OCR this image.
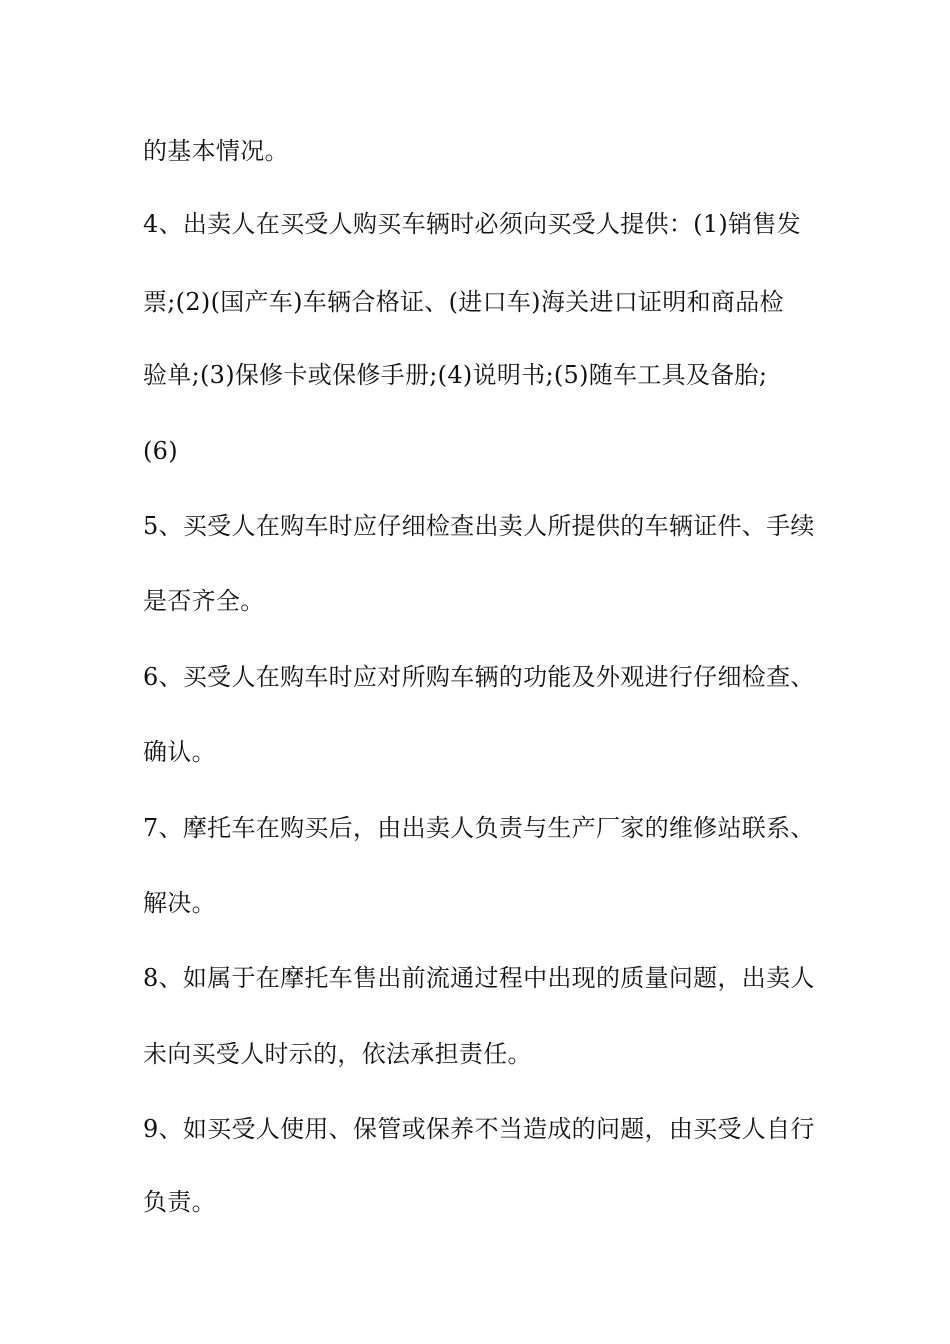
的基本情况。

4、出卖人在买受人购买车辆时必须向买受人提供：(1)销售发

票;(2)(国产车)车辆合格证、(进口车)海关进口证明和商品检

验单;(3)保修卡或保修手册;(4)说明书;(5)随车工具及备胎;

(6)

5、买受人在购车时应仔细检查出卖人所提供的车辆证件、手续

是否齐全。

6、买受人在购车时应对所购车辆的功能及外观进行仔细检查、

确认。

7、摩托车在购买后，由出卖人负责与生产厂家的维修站联系、

解决。

8、如属于在摩托车售出前流通过程中出现的质量问题，出卖人

未向买受人时示的，依法承担责任。

9、如买受人使用、保管或保养不当造成的问题，由买受人自行

负责。
